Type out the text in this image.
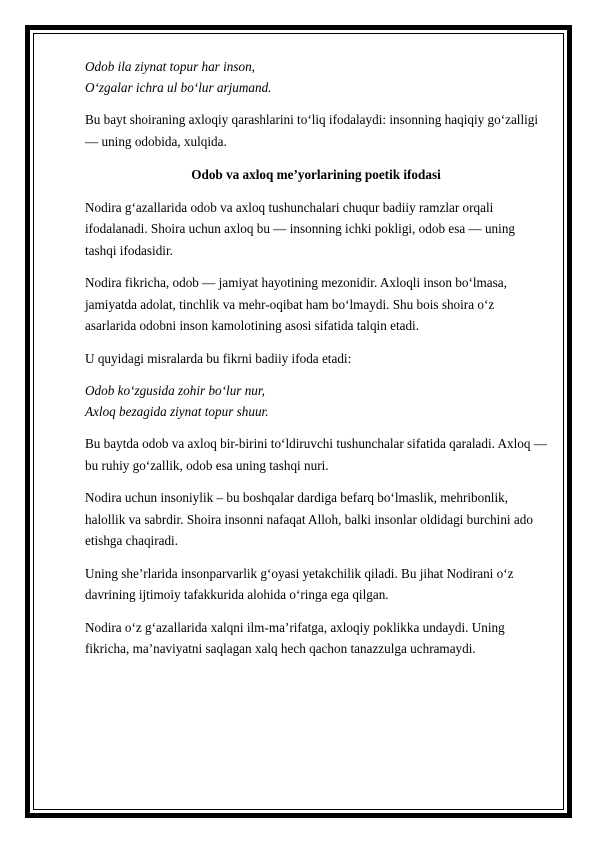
Odob ila ziynat topur har inson,
O‘zgalar ichra ul bo‘lur arjumand.

Bu bayt shoiraning axloqiy qarashlarini to‘liq ifodalaydi: insonning haqiqiy go‘zalligi — uning odobida, xulqida.

Odob va axloq me’yorlarining poetik ifodasi

Nodira g‘azallarida odob va axloq tushunchalari chuqur badiiy ramzlar orqali ifodalanadi. Shoira uchun axloq bu — insonning ichki pokligi, odob esa — uning tashqi ifodasidir.

Nodira fikricha, odob — jamiyat hayotining mezonidir. Axloqli inson bo‘lmasa, jamiyatda adolat, tinchlik va mehr-oqibat ham bo‘lmaydi. Shu bois shoira o‘z asarlarida odobni inson kamolotining asosi sifatida talqin etadi.

U quyidagi misralarda bu fikrni badiiy ifoda etadi:

Odob ko‘zgusida zohir bo‘lur nur,
Axloq bezagida ziynat topur shuur.

Bu baytda odob va axloq bir-birini to‘ldiruvchi tushunchalar sifatida qaraladi. Axloq — bu ruhiy go‘zallik, odob esa uning tashqi nuri.

Nodira uchun insoniylik – bu boshqalar dardiga befarq bo‘lmaslik, mehribonlik, halollik va sabrdir. Shoira insonni nafaqat Alloh, balki insonlar oldidagi burchini ado etishga chaqiradi.

Uning she’rlarida insonparvarlik g‘oyasi yetakchilik qiladi. Bu jihat Nodirani o‘z davrining ijtimoiy tafakkurida alohida o‘ringa ega qilgan.

Nodira o‘z g‘azallarida xalqni ilm-ma’rifatga, axloqiy poklikka undaydi. Uning fikricha, ma’naviyatni saqlagan xalq hech qachon tanazzulga uchramaydi.
